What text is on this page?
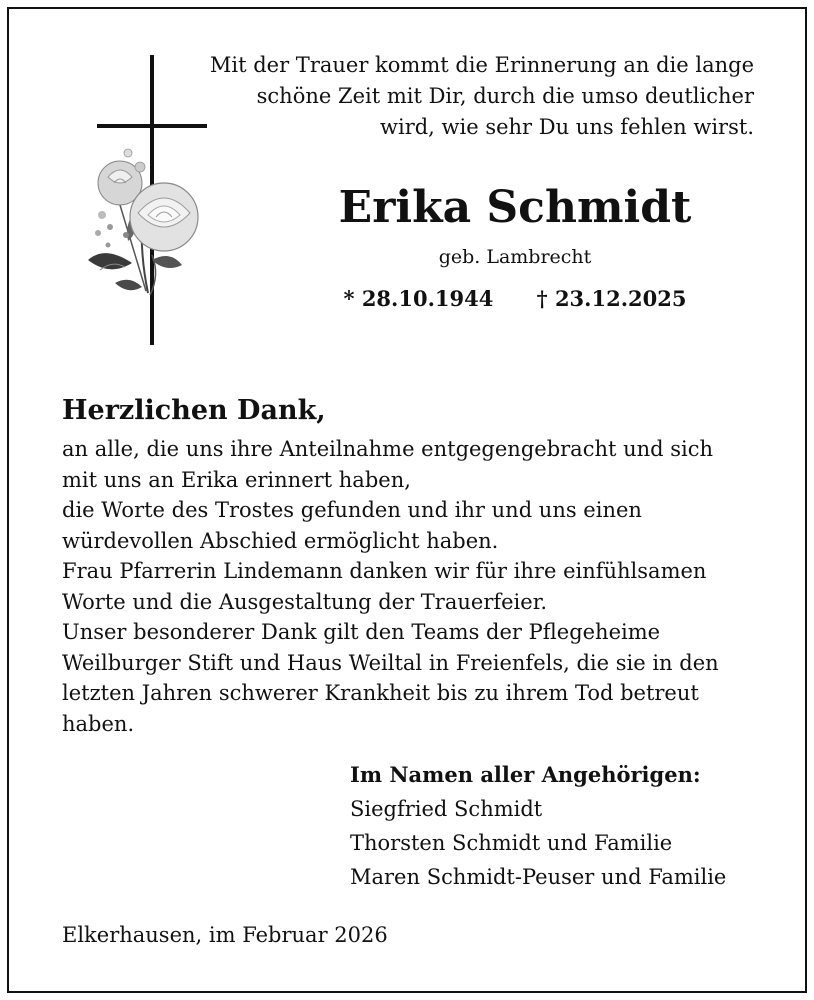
Mit der Trauer kommt die Erinnerung an die lange
schöne Zeit mit Dir, durch die umso deutlicher
wird, wie sehr Du uns fehlen wirst.
Erika Schmidt
geb. Lambrecht
* 28.10.1944 † 23.12.2025
Herzlichen Dank,
an alle, die uns ihre Anteilnahme entgegengebracht und sich
mit uns an Erika erinnert haben,
die Worte des Trostes gefunden und ihr und uns einen
würdevollen Abschied ermöglicht haben.
Frau Pfarrerin Lindemann danken wir für ihre einfühlsamen
Worte und die Ausgestaltung der Trauerfeier.
Unser besonderer Dank gilt den Teams der Pflegeheime
Weilburger Stift und Haus Weiltal in Freienfels, die sie in den
letzten Jahren schwerer Krankheit bis zu ihrem Tod betreut
haben.
Im Namen aller Angehörigen:
Siegfried Schmidt
Thorsten Schmidt und Familie
Maren Schmidt-Peuser und Familie
Elkerhausen, im Februar 2026
